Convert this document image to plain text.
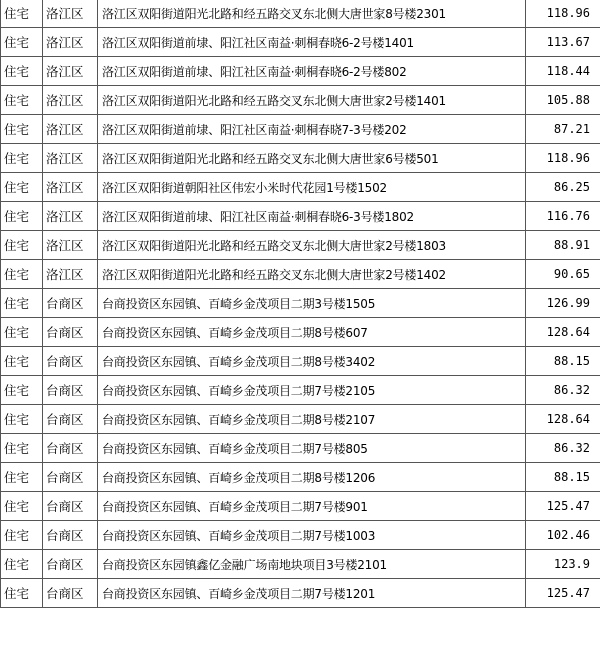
住宅	洛江区	洛江区双阳街道阳光北路和经五路交叉东北侧大唐世家8号楼2301	118.96
住宅	洛江区	洛江区双阳街道前埭、阳江社区南益·刺桐春晓6-2号楼1401	113.67
住宅	洛江区	洛江区双阳街道前埭、阳江社区南益·刺桐春晓6-2号楼802	118.44
住宅	洛江区	洛江区双阳街道阳光北路和经五路交叉东北侧大唐世家2号楼1401	105.88
住宅	洛江区	洛江区双阳街道前埭、阳江社区南益·刺桐春晓7-3号楼202	87.21
住宅	洛江区	洛江区双阳街道阳光北路和经五路交叉东北侧大唐世家6号楼501	118.96
住宅	洛江区	洛江区双阳街道朝阳社区伟宏小米时代花园1号楼1502	86.25
住宅	洛江区	洛江区双阳街道前埭、阳江社区南益·刺桐春晓6-3号楼1802	116.76
住宅	洛江区	洛江区双阳街道阳光北路和经五路交叉东北侧大唐世家2号楼1803	88.91
住宅	洛江区	洛江区双阳街道阳光北路和经五路交叉东北侧大唐世家2号楼1402	90.65
住宅	台商区	台商投资区东园镇、百崎乡金茂项目二期3号楼1505	126.99
住宅	台商区	台商投资区东园镇、百崎乡金茂项目二期8号楼607	128.64
住宅	台商区	台商投资区东园镇、百崎乡金茂项目二期8号楼3402	88.15
住宅	台商区	台商投资区东园镇、百崎乡金茂项目二期7号楼2105	86.32
住宅	台商区	台商投资区东园镇、百崎乡金茂项目二期8号楼2107	128.64
住宅	台商区	台商投资区东园镇、百崎乡金茂项目二期7号楼805	86.32
住宅	台商区	台商投资区东园镇、百崎乡金茂项目二期8号楼1206	88.15
住宅	台商区	台商投资区东园镇、百崎乡金茂项目二期7号楼901	125.47
住宅	台商区	台商投资区东园镇、百崎乡金茂项目二期7号楼1003	102.46
住宅	台商区	台商投资区东园镇鑫亿金融广场南地块项目3号楼2101	123.9
住宅	台商区	台商投资区东园镇、百崎乡金茂项目二期7号楼1201	125.47
